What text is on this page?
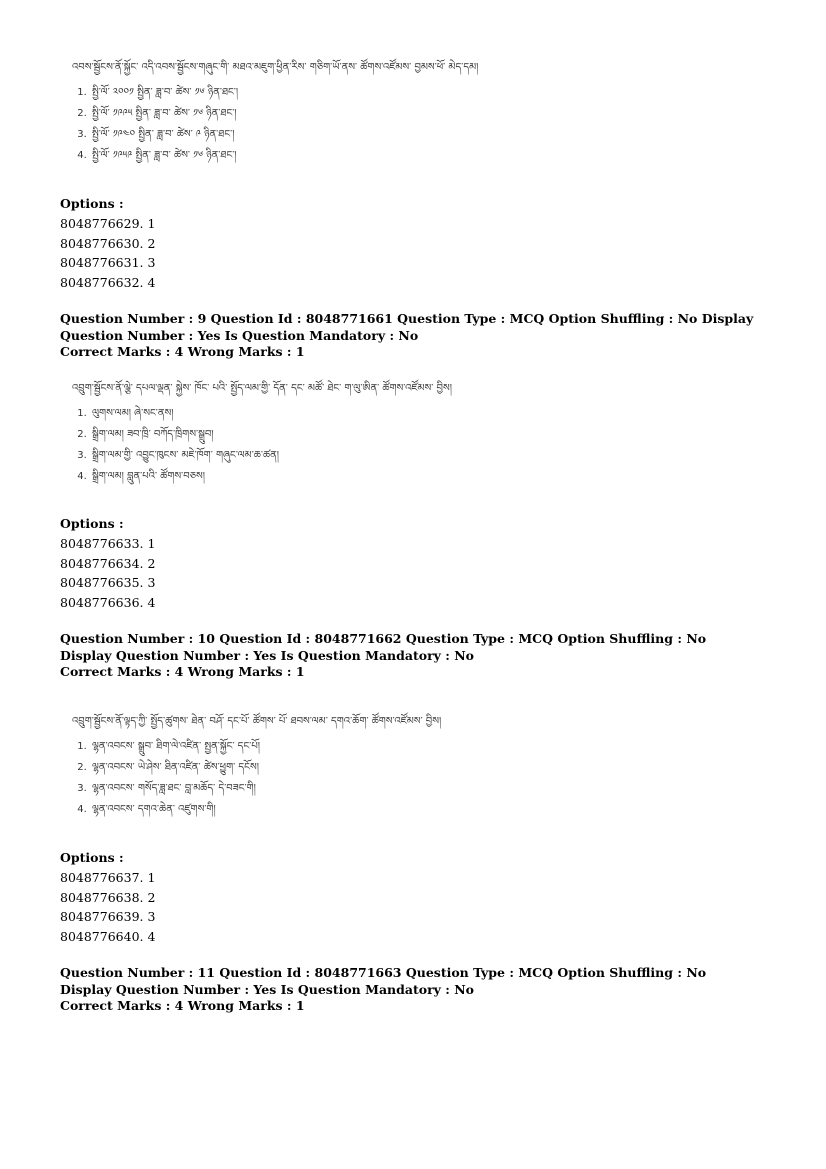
འབས་སྦྱོངས་ནོ་སྐྱོང་ འདི་འབས་སྦྱོངས་གཞུང་གི་ མཐའ་མཇུག་ཕྱིན་རིས་ གཅིག་ཡོ་ནས་ ཚོགས་འཛོམས་ བྱམས་ཕོ་ མེད་དམ།
1. སྤྱི་ལོ་ ༢༠༠༡ སྤྱིན་ ཟླ་བ་ ཚེས་ ༡༦ ཉིན་ཐང་།
2. སྤྱི་ལོ་ ༡༩༩༥ སྤྱིན་ ཟླ་བ་ ཚེས་ ༡༦ ཉིན་ཐང་།
3. སྤྱི་ལོ་ ༡༩༤༠ སྤྱིན་ ཟླ་བ་ ཚེས་ ༩ ཉིན་ཐང་།
4. སྤྱི་ལོ་ ༡༩༥༩ སྤྱིན་ ཟླ་བ་ ཚེས་ ༡༦ ཉིན་ཐང་།
Options :
8048776629. 1
8048776630. 2
8048776631. 3
8048776632. 4
Question Number : 9 Question Id : 8048771661 Question Type : MCQ Option Shuffling : No Display Question Number : Yes Is Question Mandatory : No
Correct Marks : 4 Wrong Marks : 1
འབྲུག་སྦྱོངས་ནོ་ལྕེ་ དཔལ་ལྡན་ སྐྱེས་ ཁོང་ པའི་ སྤྱོད་ལམ་གྱི་ དོན་ དང་ མཚོ་ ཐེང་ ག་ལུ་ཨིན་ ཚོགས་འཛོམས་ བྱིས།
1. ལུགས་ལམ། ཞེ་སང་ནས།
2. སྒྲིག་ལམ། ཟབ་ཁྲི་ བཀོད་ཁྲིགས་སྒྲུབ།
3. སྒྲིག་ལམ་གྱི་ འབྱུང་ཁུངས་ མཇེ་ཁོག་ གཞུང་ལམ་ཆ་ཚན།
4. སྒྲིག་ལམ། བླུན་པའི་ ཚོགས་བཅས།
Options :
8048776633. 1
8048776634. 2
8048776635. 3
8048776636. 4
Question Number : 10 Question Id : 8048771662 Question Type : MCQ Option Shuffling : No Display Question Number : Yes Is Question Mandatory : No
Correct Marks : 4 Wrong Marks : 1
འབྲུག་སྦྱོངས་ནོ་ལྟད་ཀྱི་ སྤྱོད་ཚུགས་ ཐེན་ བཤོ་ དང་པོ་ ཚོགས་ པོ་ ཐབས་ལམ་ དགའ་ཆོག་ ཚོགས་འཛོམས་ བྱིས།
1. ལྷན་འབངས་ སྒྲུབ་ ཐིག་ལེ་འཛིན་ སྤྱན་སྐྱོང་ དང་པོ།
2. ལྷན་འབངས་ ཡེ་ཤེས་ ཐིན་འཛིན་ ཚེས་ཕྱུག་ དངོས།
3. ལྷན་འབངས་ གསོད་ཟླ་ཐང་ བླ་མཆོད་ དེ་བཟང་གི།
4. ལྷན་འབངས་ དགའ་ཆེན་ འཛུགས་གི།
Options :
8048776637. 1
8048776638. 2
8048776639. 3
8048776640. 4
Question Number : 11 Question Id : 8048771663 Question Type : MCQ Option Shuffling : No Display Question Number : Yes Is Question Mandatory : No
Correct Marks : 4 Wrong Marks : 1
